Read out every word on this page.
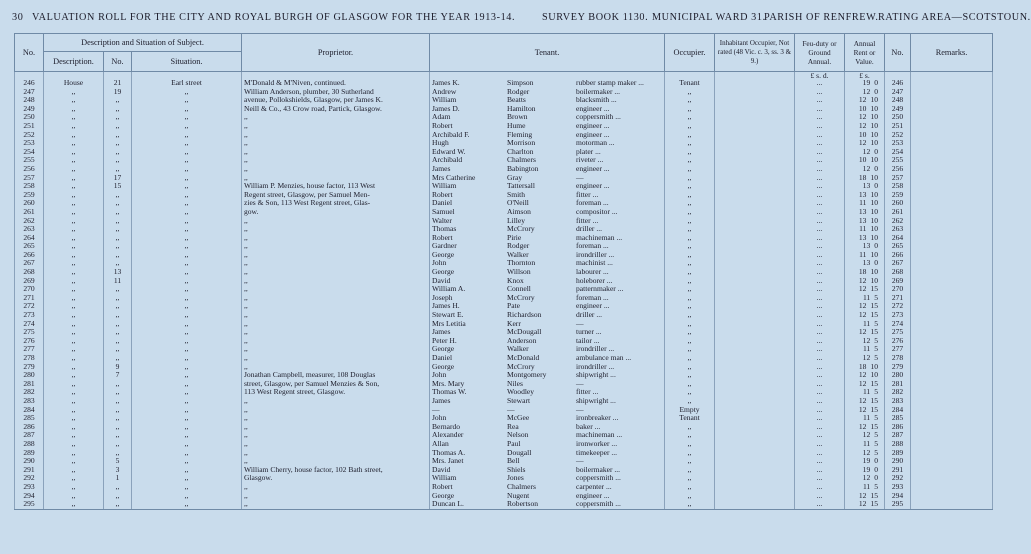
30 VALUATION ROLL FOR THE CITY AND ROYAL BURGH OF GLASGOW FOR THE YEAR 1913-14.	SURVEY BOOK 1130. MUNICIPAL WARD 31.
PARISH OF RENFREW. RATING AREA—SCOTSTOUN.
No.	Description and Situation of Subject.			Proprietor.	Tenant.	Occupier.	Inhabitant Occupier, Not rated (48 Vic. c. 3, ss. 3 & 9.)	Feu-duty or Ground Annual.	Annual Rent or Value.	No.	Remarks.
	Description.	No.	Situation.								
								£ s. d.	£ s.		
246	House	21	Earl street	M'Donald & M'Niven, continued.	James K. Simpson rubber stamp maker ...	Tenant		...	19 0	246	
247	,,	19	,,	William Anderson, plumber, 30 Sutherland	Andrew Rodger boilermaker ...	,,		...	12 0	247	
248	,,	,,	,,	avenue, Pollokshields, Glasgow, per James K.	William Beatts blacksmith ...	,,		...	12 10	248	
249	,,	,,	,,	Neill & Co., 43 Crow road, Partick, Glasgow.	James D. Hamilton engineer ...	,,		...	10 10	249	
250	,,	,,	,,	,,	Adam Brown coppersmith ...	,,		...	12 10	250	
251	,,	,,	,,	,,	Robert Hume engineer ...	,,		...	12 10	251	
252	,,	,,	,,	,,	Archibald F. Fleming engineer ...	,,		...	10 10	252	
253	,,	,,	,,	,,	Hugh Morrison motorman ...	,,		...	12 10	253	
254	,,	,,	,,	,,	Edward W. Charlton plater ...	,,		...	12 0	254	
255	,,	,,	,,	,,	Archibald Chalmers riveter ...	,,		...	10 10	255	
256	,,	,,	,,	,,	James Babington engineer ...	,,		...	12 0	256	
257	,,	17	,,	,,	Mrs Catherine Gray —	,,		...	18 10	257	
258	,,	15	,,	William P. Menzies, house factor, 113 West	William Tattersall engineer ...	,,		...	13 0	258	
259	,,	,,	,,	Regent street, Glasgow, per Samuel Men-	Robert Smith fitter ...	,,		...	13 10	259	
260	,,	,,	,,	zies & Son, 113 West Regent street, Glas-	Daniel O'Neill foreman ...	,,		...	11 10	260	
261	,,	,,	,,	gow.	Samuel Aimson compositor ...	,,		...	13 10	261	
262	,,	,,	,,	,,	Walter Lilley fitter ...	,,		...	13 10	262	
263	,,	,,	,,	,,	Thomas McCrory driller ...	,,		...	11 10	263	
264	,,	,,	,,	,,	Robert Pirie machineman ...	,,		...	13 10	264	
265	,,	,,	,,	,,	Gardner Rodger foreman ...	,,		...	13 0	265	
266	,,	,,	,,	,,	George Walker irondriller ...	,,		...	11 10	266	
267	,,	,,	,,	,,	John Thornton machinist ...	,,		...	13 0	267	
268	,,	13	,,	,,	George Willson labourer ...	,,		...	18 10	268	
269	,,	11	,,	,,	David Knox holeborer ...	,,		...	12 10	269	
270	,,	,,	,,	,,	William A. Connell patternmaker ...	,,		...	12 15	270	
271	,,	,,	,,	,,	Joseph McCrory foreman ...	,,		...	11 5	271	
272	,,	,,	,,	,,	James H. Pate engineer ...	,,		...	12 15	272	
273	,,	,,	,,	,,	Stewart E. Richardson driller ...	,,		...	12 15	273	
274	,,	,,	,,	,,	Mrs Letitia Kerr —	,,		...	11 5	274	
275	,,	,,	,,	,,	James McDougall turner ...	,,		...	12 15	275	
276	,,	,,	,,	,,	Peter H. Anderson tailor ...	,,		...	12 5	276	
277	,,	,,	,,	,,	George Walker irondriller ...	,,		...	11 5	277	
278	,,	,,	,,	,,	Daniel McDonald ambulance man ...	,,		...	12 5	278	
279	,,	9	,,	,,	George McCrory irondriller ...	,,		...	18 10	279	
280	,,	7	,,	Jonathan Campbell, measurer, 108 Douglas	John Montgomery shipwright ...	,,		...	12 10	280	
281	,,	,,	,,	street, Glasgow, per Samuel Menzies & Son,	Mrs. Mary Niles —	,,		...	12 15	281	
282	,,	,,	,,	113 West Regent street, Glasgow.	Thomas W. Woodley fitter ...	,,		...	11 5	282	
283	,,	,,	,,	,,	James Stewart shipwright ...	,,		...	12 15	283	
284	,,	,,	,,	,,	— — —	Empty		...	12 15	284	
285	,,	,,	,,	,,	John McGee ironbreaker ...	Tenant		...	11 5	285	
286	,,	,,	,,	,,	Bernardo Rea baker ...	,,		...	12 15	286	
287	,,	,,	,,	,,	Alexander Nelson machineman ...	,,		...	12 5	287	
288	,,	,,	,,	,,	Allan Paul ironworker ...	,,		...	11 5	288	
289	,,	,,	,,	,,	Thomas A. Dougall timekeeper ...	,,		...	12 5	289	
290	,,	5	,,	,,	Mrs. Janet Bell —	,,		...	19 0	290	
291	,,	3	,,	William Cherry, house factor, 102 Bath street,	David Shiels boilermaker ...	,,		...	19 0	291	
292	,,	1	,,	Glasgow.	William Jones coppersmith ...	,,		...	12 0	292	
293	,,	,,	,,	,,	Robert Chalmers carpenter ...	,,		...	11 5	293	
294	,,	,,	,,	,,	George Nugent engineer ...	,,		...	12 15	294	
295	,,	,,	,,	,,	Duncan L. Robertson coppersmith ...	,,		...	12 15	295	
